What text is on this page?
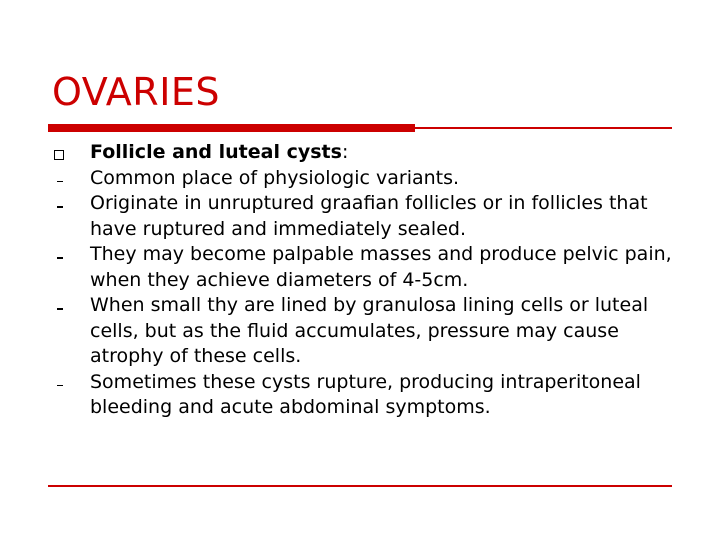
OVARIES
Follicle and luteal cysts:
Common place of physiologic variants.
Originate in unruptured graafian follicles or in follicles that have ruptured and immediately sealed.
They may become palpable masses and produce pelvic pain, when they achieve diameters of 4-5cm.
When small thy are lined by granulosa lining cells or luteal cells, but as the fluid accumulates, pressure may cause atrophy of these cells.
Sometimes these cysts rupture, producing intraperitoneal bleeding and acute abdominal symptoms.
